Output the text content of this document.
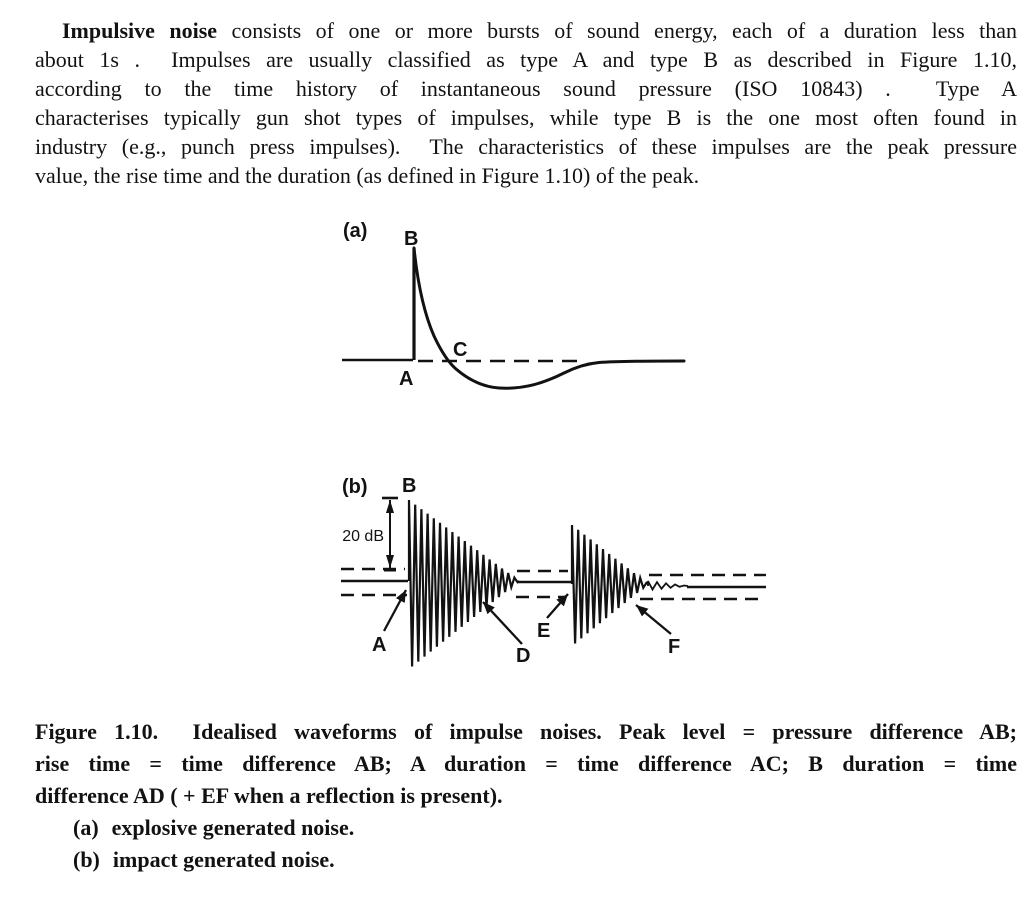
Impulsive noise consists of one or more bursts of sound energy, each of a duration less than
about 1s .  Impulses are usually classified as type A and type B as described in Figure 1.10,
according to the time history of instantaneous sound pressure (ISO 10843) .  Type A
characterises typically gun shot types of impulses, while type B is the one most often found in
industry (e.g., punch press impulses).  The characteristics of these impulses are the peak pressure
value, the rise time and the duration (as defined in Figure 1.10) of the peak.
(a) B
C
A
20 dB
(b) B
A	D
E
F
Figure 1.10.  Idealised waveforms of impulse noises. Peak level = pressure difference AB;
rise time = time difference AB; A duration = time difference AC; B duration = time
difference AD ( + EF when a reflection is present).
(a) explosive generated noise.
(b) impact generated noise.
